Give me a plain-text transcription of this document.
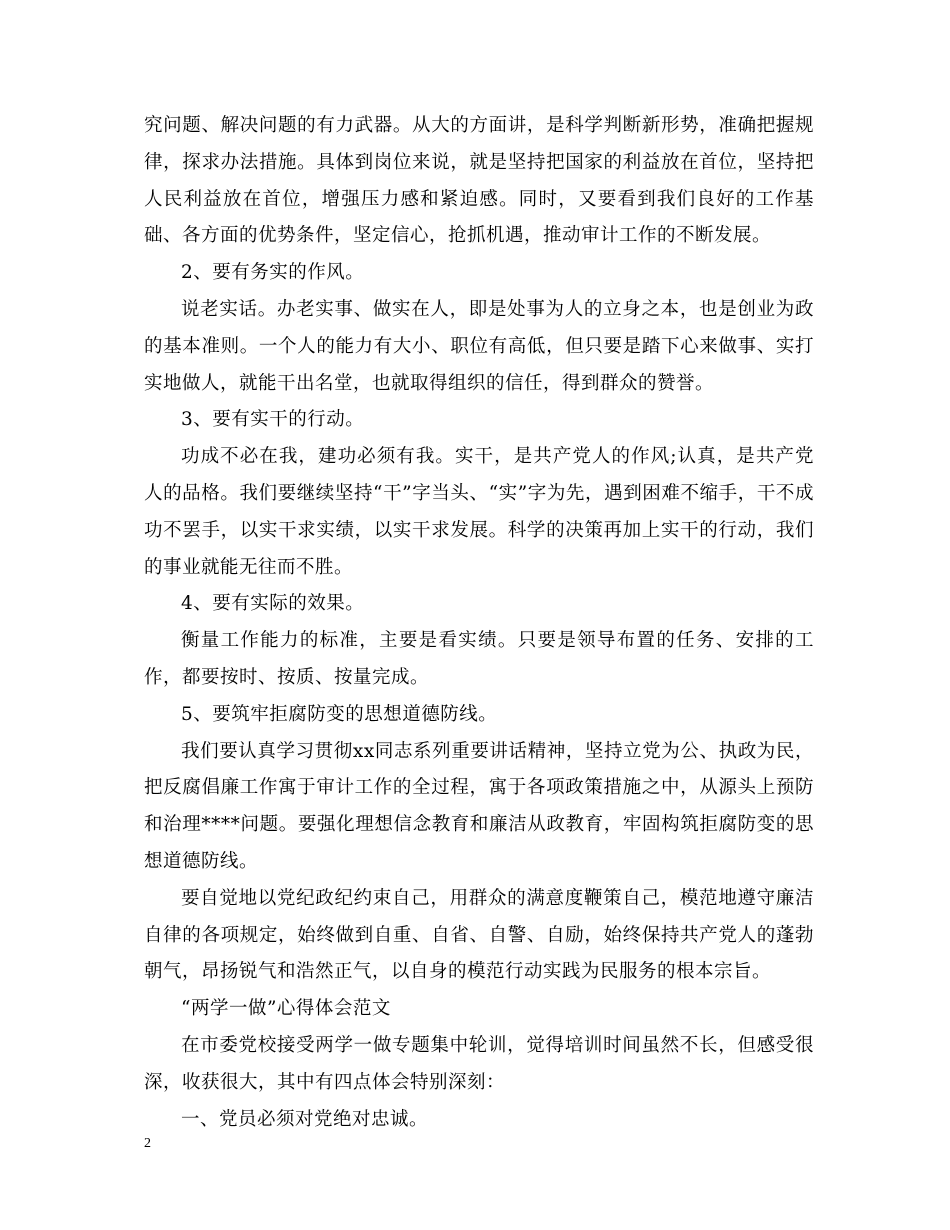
究问题、解决问题的有力武器。从大的方面讲，是科学判断新形势，准确把握规律，探求办法措施。具体到岗位来说，就是坚持把国家的利益放在首位，坚持把人民利益放在首位，增强压力感和紧迫感。同时，又要看到我们良好的工作基础、各方面的优势条件，坚定信心，抢抓机遇，推动审计工作的不断发展。

2、要有务实的作风。

说老实话。办老实事、做实在人，即是处事为人的立身之本，也是创业为政的基本准则。一个人的能力有大小、职位有高低，但只要是踏下心来做事、实打实地做人，就能干出名堂，也就取得组织的信任，得到群众的赞誉。

3、要有实干的行动。

功成不必在我，建功必须有我。实干，是共产党人的作风;认真，是共产党人的品格。我们要继续坚持“干”字当头、“实”字为先，遇到困难不缩手，干不成功不罢手，以实干求实绩，以实干求发展。科学的决策再加上实干的行动，我们的事业就能无往而不胜。

4、要有实际的效果。

衡量工作能力的标准，主要是看实绩。只要是领导布置的任务、安排的工作，都要按时、按质、按量完成。

5、要筑牢拒腐防变的思想道德防线。

我们要认真学习贯彻xx同志系列重要讲话精神，坚持立党为公、执政为民，把反腐倡廉工作寓于审计工作的全过程，寓于各项政策措施之中，从源头上预防和治理****问题。要强化理想信念教育和廉洁从政教育，牢固构筑拒腐防变的思想道德防线。

要自觉地以党纪政纪约束自己，用群众的满意度鞭策自己，模范地遵守廉洁自律的各项规定，始终做到自重、自省、自警、自励，始终保持共产党人的蓬勃朝气，昂扬锐气和浩然正气，以自身的模范行动实践为民服务的根本宗旨。

“两学一做”心得体会范文

在市委党校接受两学一做专题集中轮训，觉得培训时间虽然不长，但感受很深，收获很大，其中有四点体会特别深刻：

一、党员必须对党绝对忠诚。

2
